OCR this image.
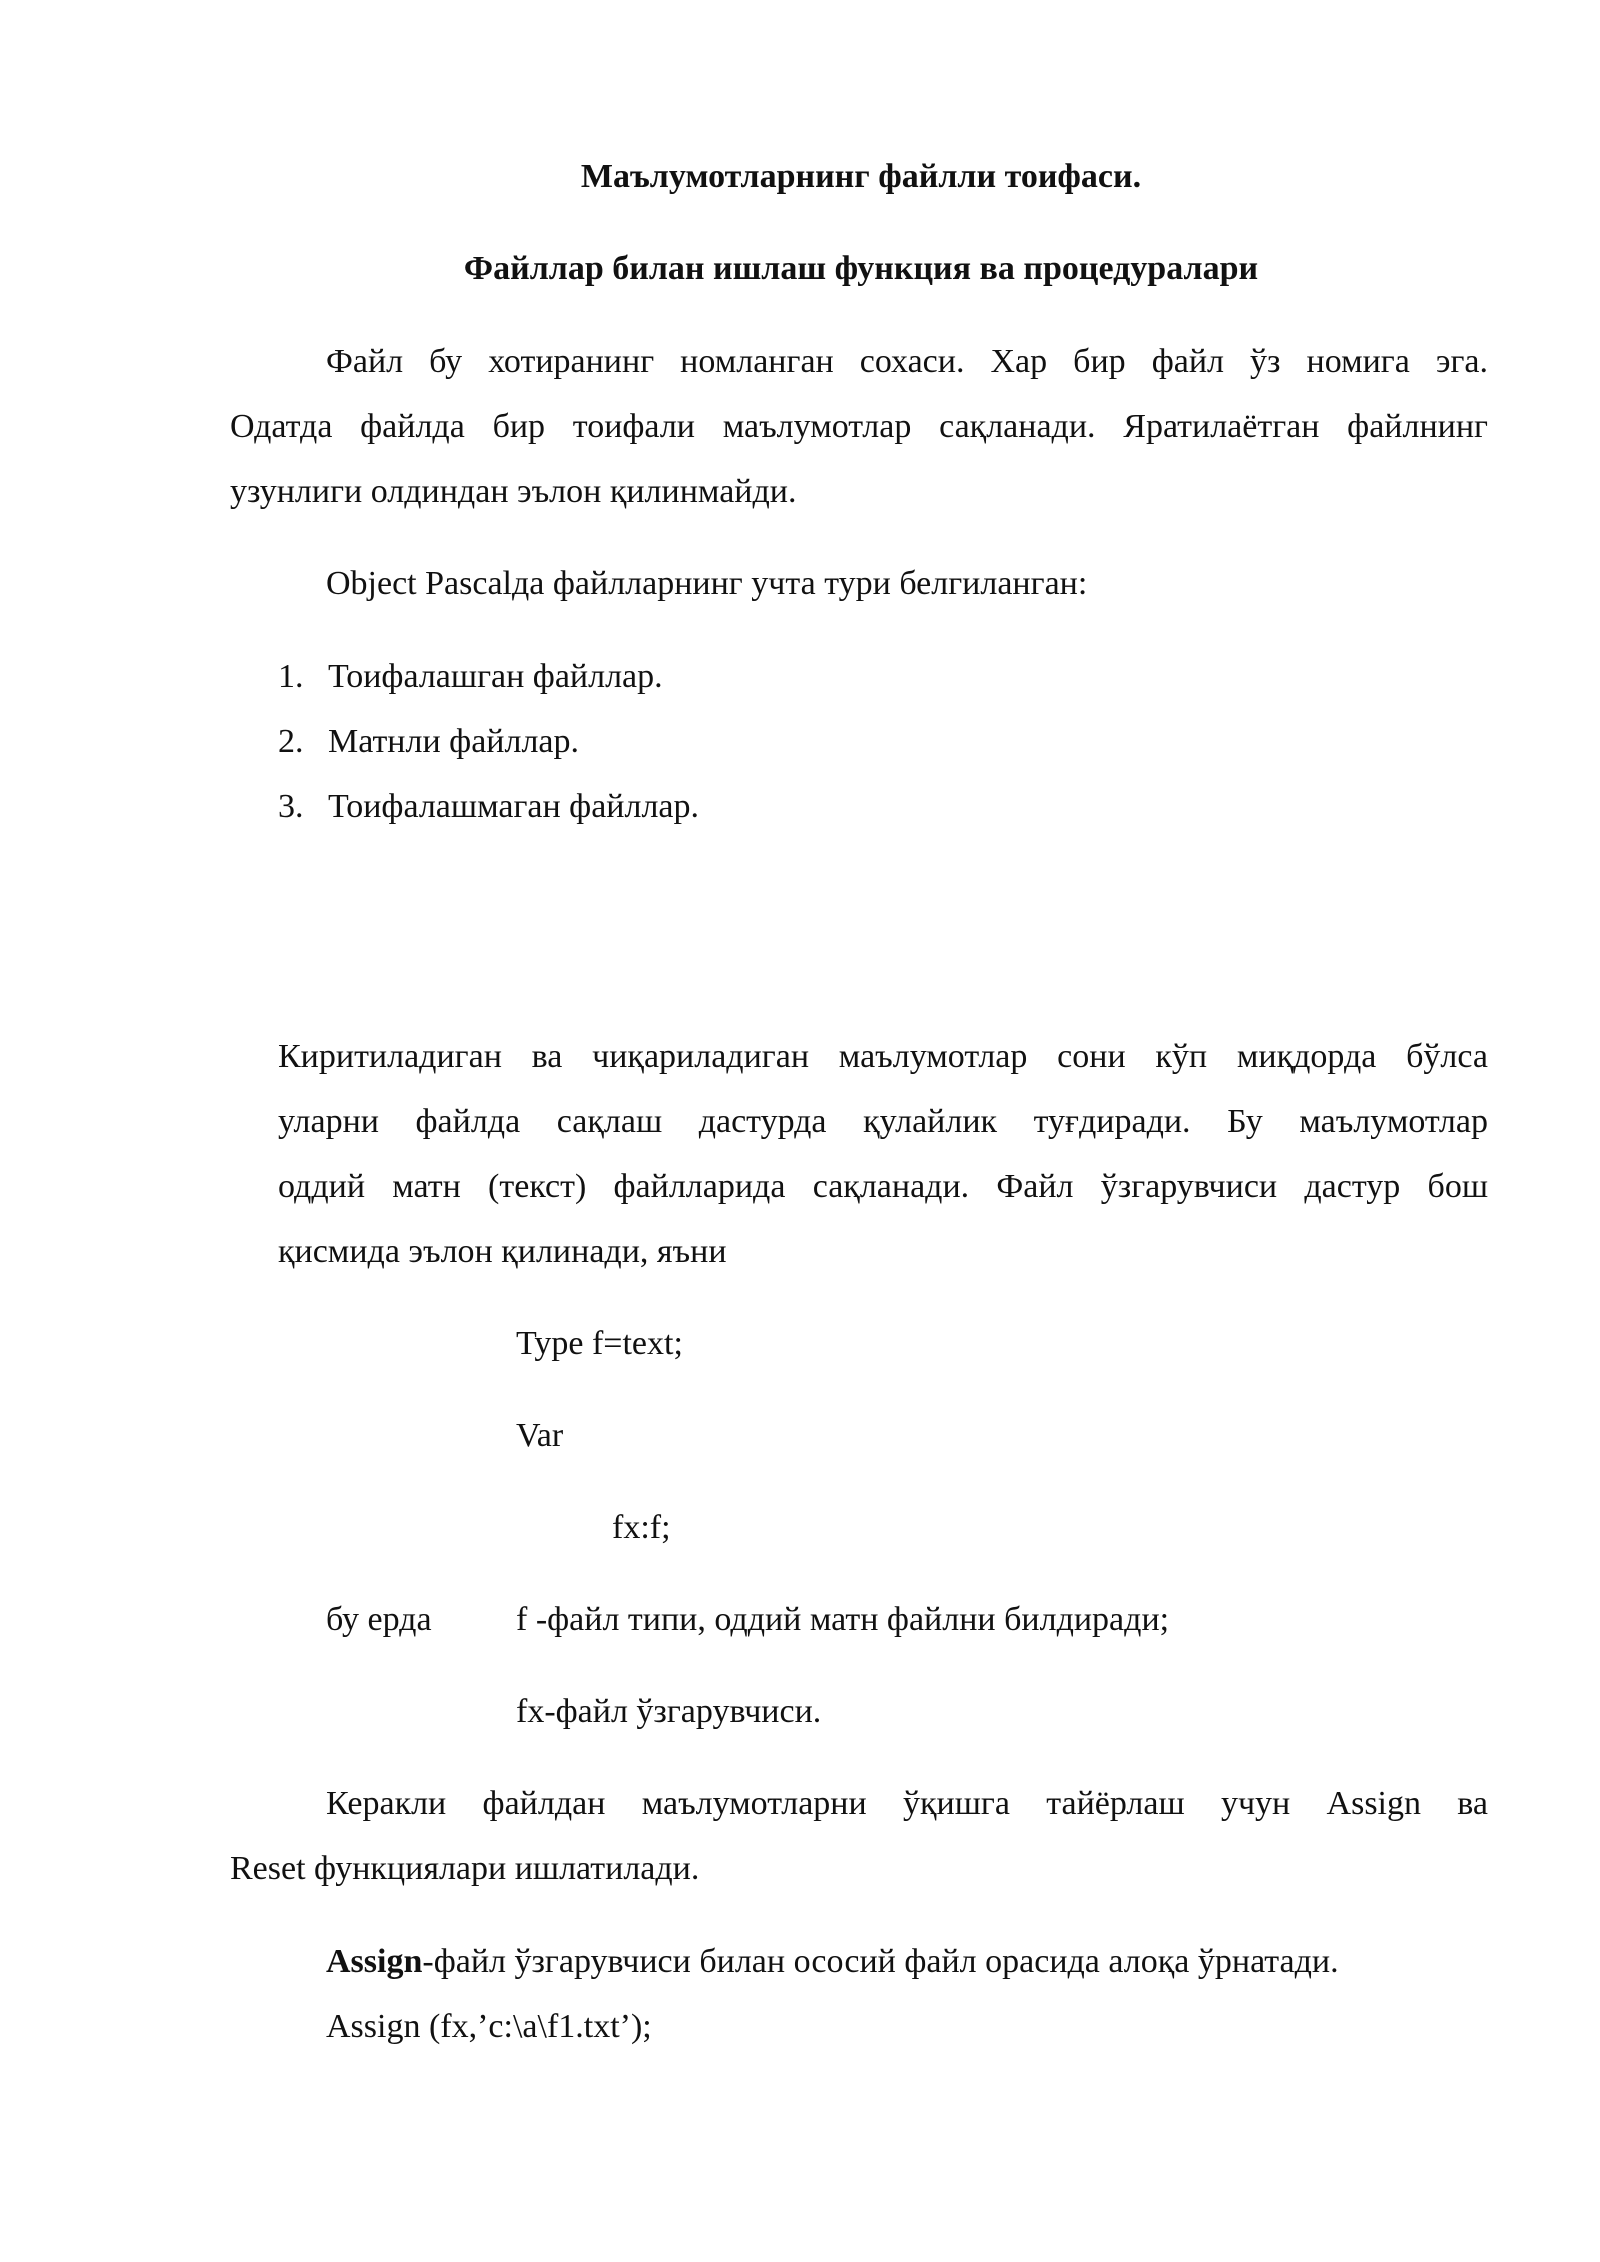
Маълумотларнинг файлли тоифаси.
Файллар билан ишлаш функция ва процедуралари
Файл бу хотиранинг номланган сохаси. Хар бир файл ўз номига эга.
Одатда файлда бир тоифали маълумотлар сақланади. Яратилаётган файлнинг
узунлиги олдиндан эълон қилинмайди.
Object Pascalда файлларнинг учта тури белгиланган:
1. Тоифалашган файллар.
2. Матнли файллар.
3. Тоифалашмаган файллар.
Киритиладиган ва чиқариладиган маълумотлар сони кўп миқдорда бўлса
уларни файлда сақлаш дастурда қулайлик туғдиради. Бу маълумотлар
оддий матн (текст) файлларида сақланади. Файл ўзгарувчиси дастур бош
қисмида эълон қилинади, яъни
Type f=text;
Var
fx:f;
бу ерда f -файл типи, оддий матн файлни билдиради;
fx-файл ўзгарувчиси.
Керакли файлдан маълумотларни ўқишга тайёрлаш учун Assign ва
Reset функциялари ишлатилади.
Assign-файл ўзгарувчиси билан ососий файл орасида алоқа ўрнатади.
Assign (fx,’c:\a\f1.txt’);
